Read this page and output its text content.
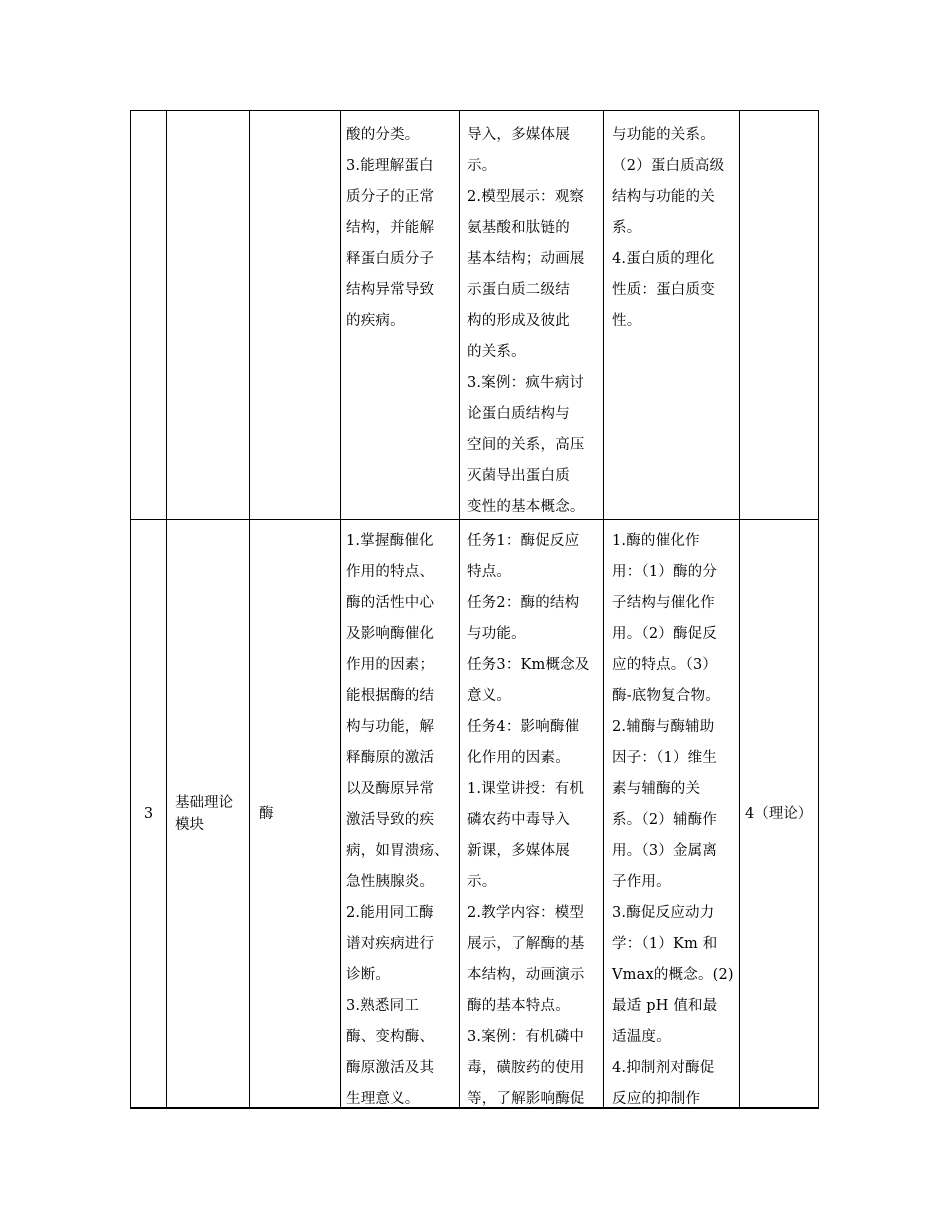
酸的分类。
3.能理解蛋白
质分子的正常
结构，并能解
释蛋白质分子
结构异常导致
的疾病。
导入，多媒体展
示。
2.模型展示：观察
氨基酸和肽链的
基本结构；动画展
示蛋白质二级结
构的形成及彼此
的关系。
3.案例：疯牛病讨
论蛋白质结构与
空间的关系，高压
灭菌导出蛋白质
变性的基本概念。
与功能的关系。
（2）蛋白质高级
结构与功能的关
系。
4.蛋白质的理化
性质：蛋白质变
性。
3
基础理论
模块
酶
1.掌握酶催化
作用的特点、
酶的活性中心
及影响酶催化
作用的因素；
能根据酶的结
构与功能，解
释酶原的激活
以及酶原异常
激活导致的疾
病，如胃溃疡、
急性胰腺炎。
2.能用同工酶
谱对疾病进行
诊断。
3.熟悉同工
酶、变构酶、
酶原激活及其
生理意义。
任务1：酶促反应
特点。
任务2：酶的结构
与功能。
任务3：Km概念及
意义。
任务4：影响酶催
化作用的因素。
1.课堂讲授：有机
磷农药中毒导入
新课，多媒体展
示。
2.教学内容：模型
展示，了解酶的基
本结构，动画演示
酶的基本特点。
3.案例：有机磷中
毒，磺胺药的使用
等，了解影响酶促
1.酶的催化作
用：（1）酶的分
子结构与催化作
用。（2）酶促反
应的特点。（3）
酶-底物复合物。
2.辅酶与酶辅助
因子：（1）维生
素与辅酶的关
系。（2）辅酶作
用。（3）金属离
子作用。
3.酶促反应动力
学：（1）Km 和
Vmax的概念。(2)
最适 pH 值和最
适温度。
4.抑制剂对酶促
反应的抑制作
4（理论）
